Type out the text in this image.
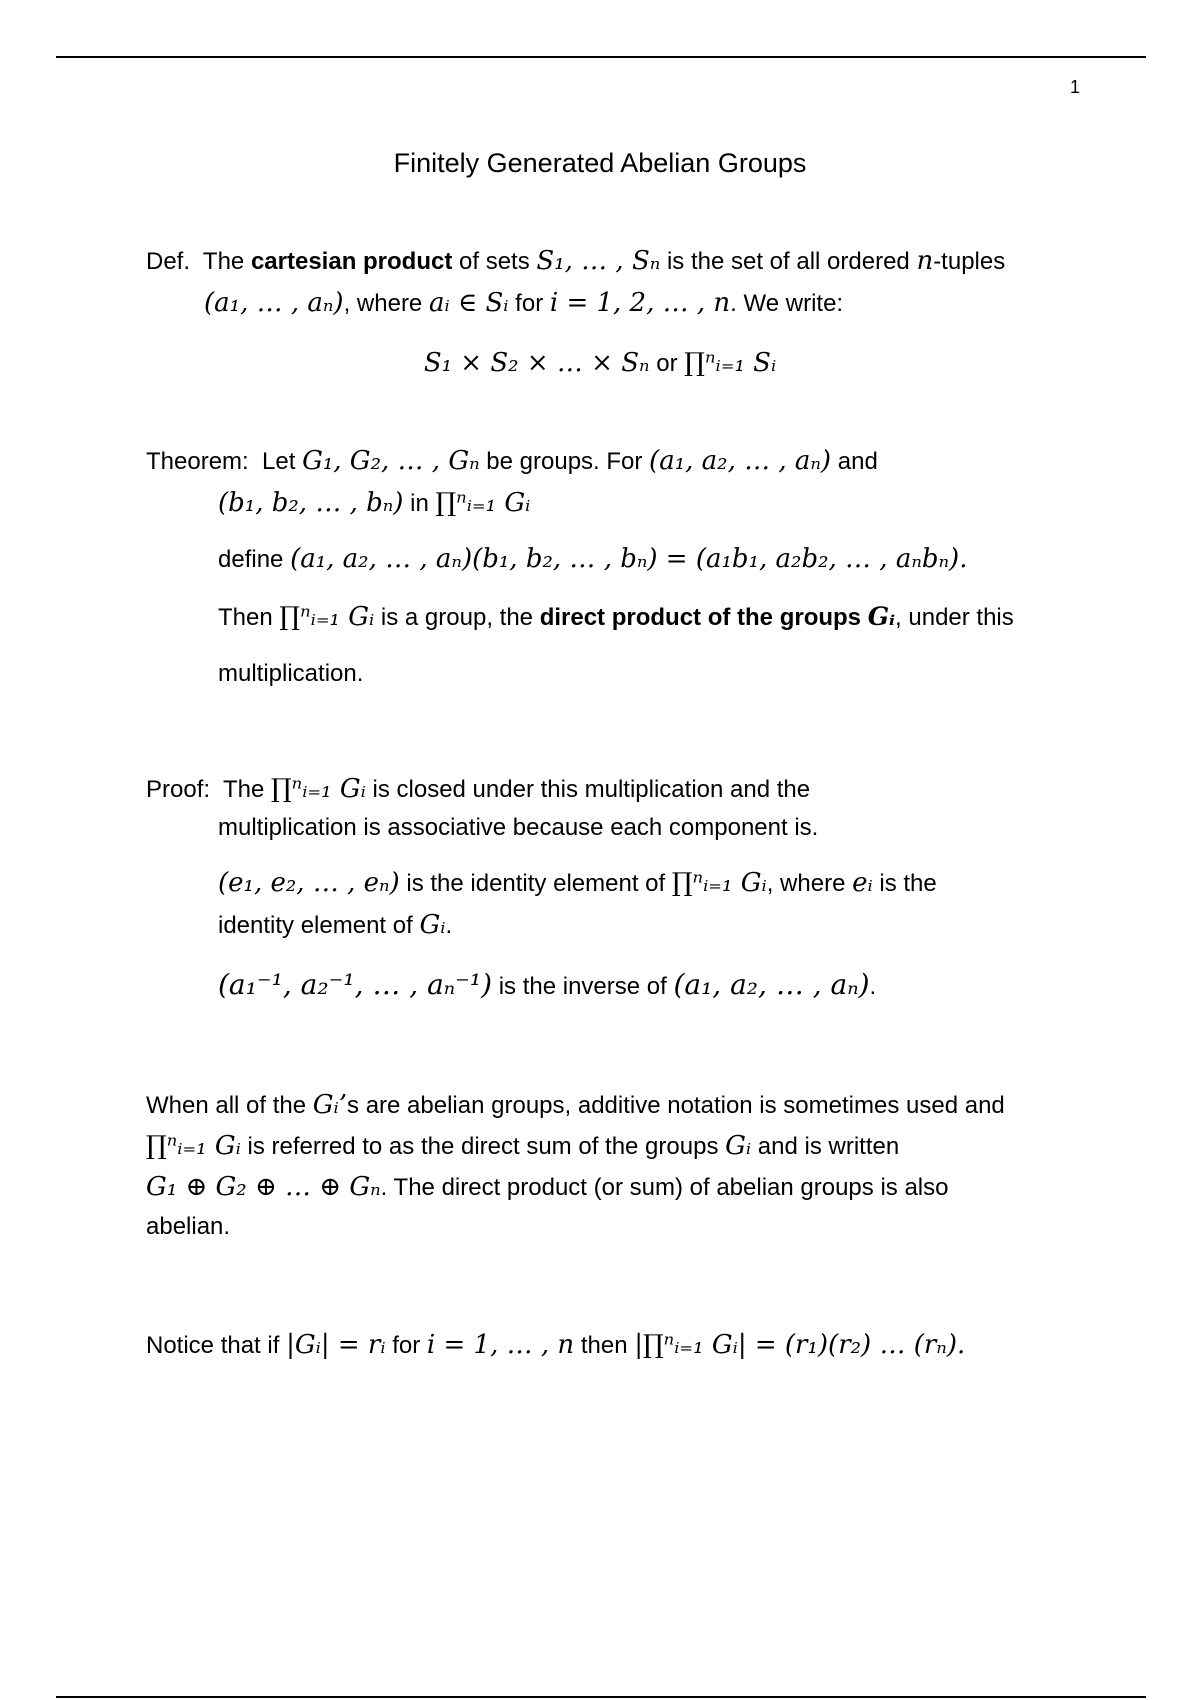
1
Finitely Generated Abelian Groups
Def. The cartesian product of sets S₁, … , Sₙ is the set of all ordered n-tuples
(a₁, … , aₙ), where aᵢ ∈ Sᵢ for i = 1, 2, … , n. We write:
S₁ × S₂ × … × Sₙ or ∏ⁿᵢ₌₁ Sᵢ
Theorem: Let G₁, G₂, … , Gₙ be groups. For (a₁, a₂, … , aₙ) and
(b₁, b₂, … , bₙ) in ∏ⁿᵢ₌₁ Gᵢ
define (a₁, a₂, … , aₙ)(b₁, b₂, … , bₙ) = (a₁b₁, a₂b₂, … , aₙbₙ).
Then ∏ⁿᵢ₌₁ Gᵢ is a group, the direct product of the groups Gᵢ, under this
multiplication.
Proof: The ∏ⁿᵢ₌₁ Gᵢ is closed under this multiplication and the
multiplication is associative because each component is.
(e₁, e₂, … , eₙ) is the identity element of ∏ⁿᵢ₌₁ Gᵢ, where eᵢ is the
identity element of Gᵢ.
(a₁⁻¹, a₂⁻¹, … , aₙ⁻¹) is the inverse of (a₁, a₂, … , aₙ).
When all of the Gᵢ’s are abelian groups, additive notation is sometimes used and
∏ⁿᵢ₌₁ Gᵢ is referred to as the direct sum of the groups Gᵢ and is written
G₁ ⊕ G₂ ⊕ … ⊕ Gₙ. The direct product (or sum) of abelian groups is also
abelian.
Notice that if |Gᵢ| = rᵢ for i = 1, … , n then |∏ⁿᵢ₌₁ Gᵢ| = (r₁)(r₂) … (rₙ).
